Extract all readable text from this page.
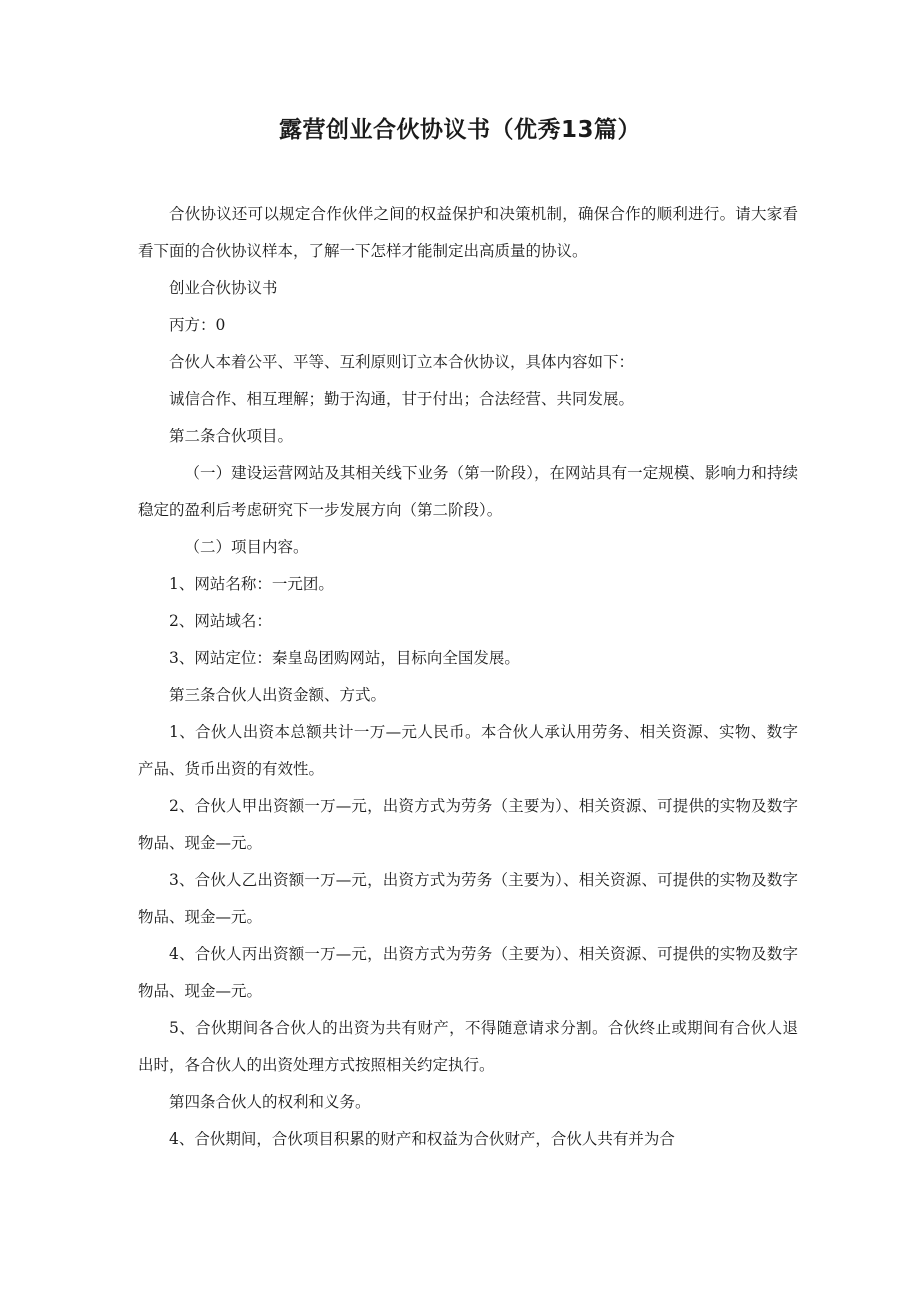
露营创业合伙协议书（优秀13篇）

合伙协议还可以规定合作伙伴之间的权益保护和决策机制，确保合作的顺利进行。请大家看看下面的合伙协议样本，了解一下怎样才能制定出高质量的协议。

创业合伙协议书

丙方：0

合伙人本着公平、平等、互利原则订立本合伙协议，具体内容如下：

诚信合作、相互理解；勤于沟通，甘于付出；合法经营、共同发展。

第二条合伙项目。

（一）建设运营网站及其相关线下业务（第一阶段），在网站具有一定规模、影响力和持续稳定的盈利后考虑研究下一步发展方向（第二阶段）。

（二）项目内容。

1、网站名称：一元团。

2、网站域名：

3、网站定位：秦皇岛团购网站，目标向全国发展。

第三条合伙人出资金额、方式。

1、合伙人出资本总额共计一万—元人民币。本合伙人承认用劳务、相关资源、实物、数字产品、货币出资的有效性。

2、合伙人甲出资额一万—元，出资方式为劳务（主要为）、相关资源、可提供的实物及数字物品、现金—元。

3、合伙人乙出资额一万—元，出资方式为劳务（主要为）、相关资源、可提供的实物及数字物品、现金—元。

4、合伙人丙出资额一万—元，出资方式为劳务（主要为）、相关资源、可提供的实物及数字物品、现金—元。

5、合伙期间各合伙人的出资为共有财产，不得随意请求分割。合伙终止或期间有合伙人退出时，各合伙人的出资处理方式按照相关约定执行。

第四条合伙人的权利和义务。

4、合伙期间，合伙项目积累的财产和权益为合伙财产，合伙人共有并为合
